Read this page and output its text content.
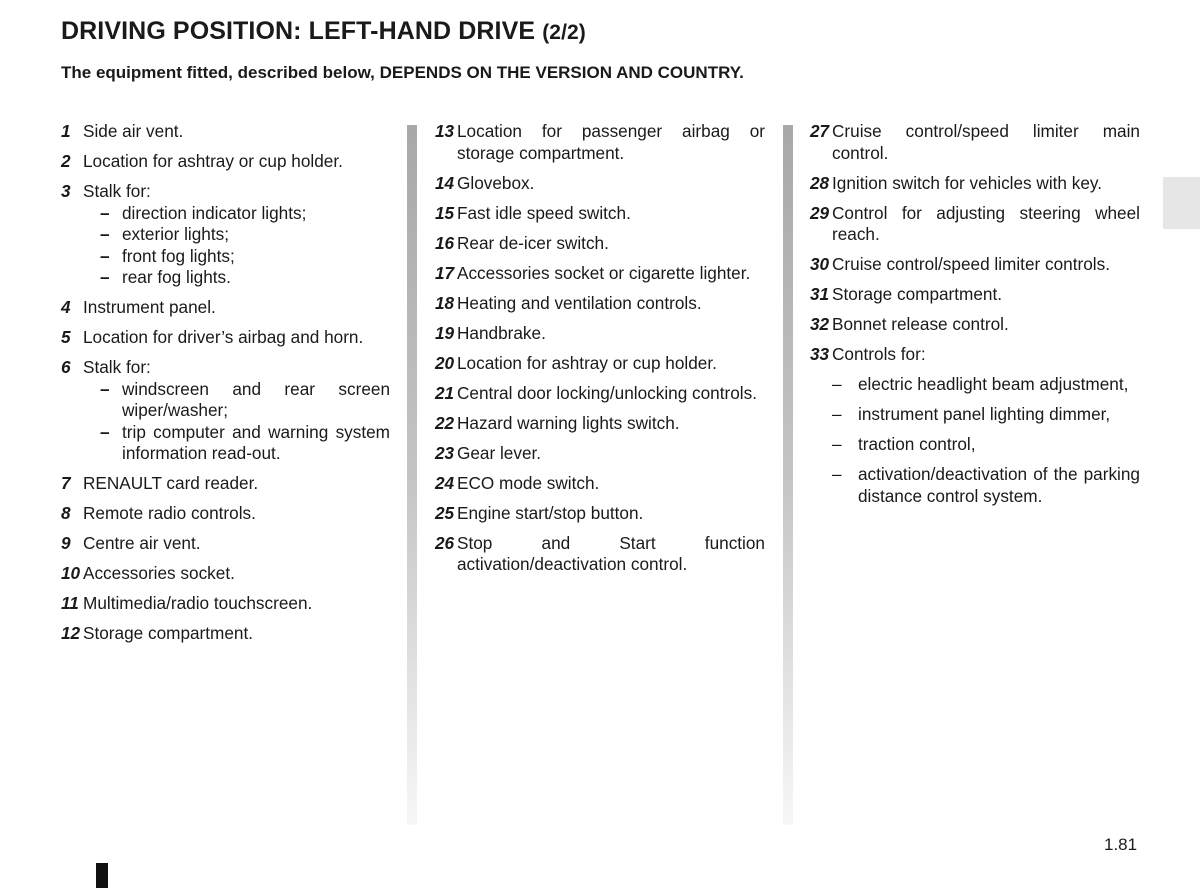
DRIVING POSITION: LEFT-HAND DRIVE (2/2)

The equipment fitted, described below, DEPENDS ON THE VERSION AND COUNTRY.

1 Side air vent.
2 Location for ashtray or cup holder.
3 Stalk for:
– direction indicator lights;
– exterior lights;
– front fog lights;
– rear fog lights.
4 Instrument panel.
5 Location for driver’s airbag and horn.
6 Stalk for:
– windscreen and rear screen wiper/washer;
– trip computer and warning system information read-out.
7 RENAULT card reader.
8 Remote radio controls.
9 Centre air vent.
10 Accessories socket.
11 Multimedia/radio touchscreen.
12 Storage compartment.
13 Location for passenger airbag or storage compartment.
14 Glovebox.
15 Fast idle speed switch.
16 Rear de-icer switch.
17 Accessories socket or cigarette lighter.
18 Heating and ventilation controls.
19 Handbrake.
20 Location for ashtray or cup holder.
21 Central door locking/unlocking controls.
22 Hazard warning lights switch.
23 Gear lever.
24 ECO mode switch.
25 Engine start/stop button.
26 Stop and Start function activation/deactivation control.
27 Cruise control/speed limiter main control.
28 Ignition switch for vehicles with key.
29 Control for adjusting steering wheel reach.
30 Cruise control/speed limiter controls.
31 Storage compartment.
32 Bonnet release control.
33 Controls for:
– electric headlight beam adjustment,
– instrument panel lighting dimmer,
– traction control,
– activation/deactivation of the parking distance control system.
1.81
